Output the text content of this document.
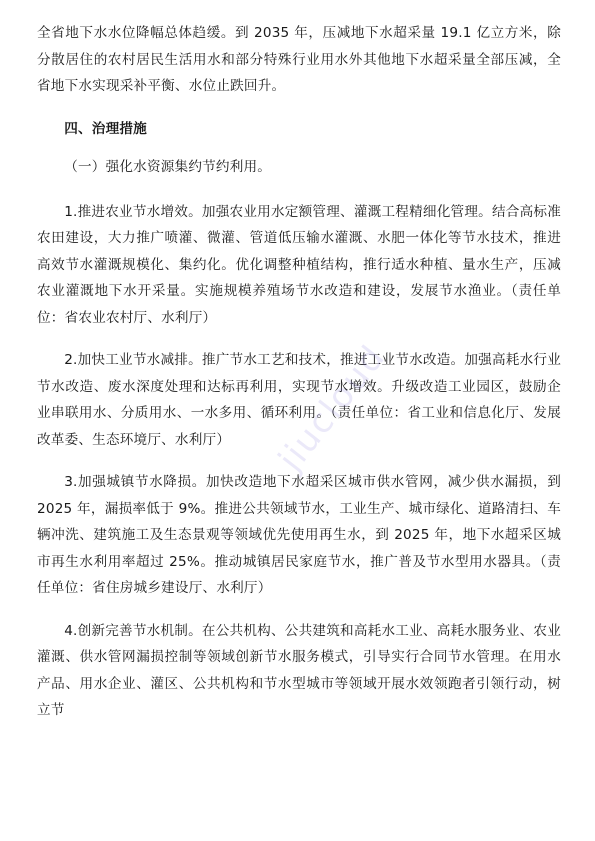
全省地下水水位降幅总体趋缓。到 2035 年，压减地下水超采量 19.1 亿立方米，除分散居住的农村居民生活用水和部分特殊行业用水外其他地下水超采量全部压减，全省地下水实现采补平衡、水位止跌回升。

四、治理措施

（一）强化水资源集约节约利用。

1.推进农业节水增效。加强农业用水定额管理、灌溉工程精细化管理。结合高标准农田建设，大力推广喷灌、微灌、管道低压输水灌溉、水肥一体化等节水技术，推进高效节水灌溉规模化、集约化。优化调整种植结构，推行适水种植、量水生产，压减农业灌溉地下水开采量。实施规模养殖场节水改造和建设，发展节水渔业。（责任单位：省农业农村厅、水利厅）

2.加快工业节水减排。推广节水工艺和技术，推进工业节水改造。加强高耗水行业节水改造、废水深度处理和达标再利用，实现节水增效。升级改造工业园区，鼓励企业串联用水、分质用水、一水多用、循环利用。（责任单位：省工业和信息化厅、发展改革委、生态环境厅、水利厅）

3.加强城镇节水降损。加快改造地下水超采区城市供水管网，减少供水漏损，到 2025 年，漏损率低于 9%。推进公共领域节水，工业生产、城市绿化、道路清扫、车辆冲洗、建筑施工及生态景观等领域优先使用再生水，到 2025 年，地下水超采区城市再生水利用率超过 25%。推动城镇居民家庭节水，推广普及节水型用水器具。（责任单位：省住房城乡建设厅、水利厅）

4.创新完善节水机制。在公共机构、公共建筑和高耗水工业、高耗水服务业、农业灌溉、供水管网漏损控制等领域创新节水服务模式，引导实行合同节水管理。在用水产品、用水企业、灌区、公共机构和节水型城市等领域开展水效领跑者引领行动，树立节

jiucloud
